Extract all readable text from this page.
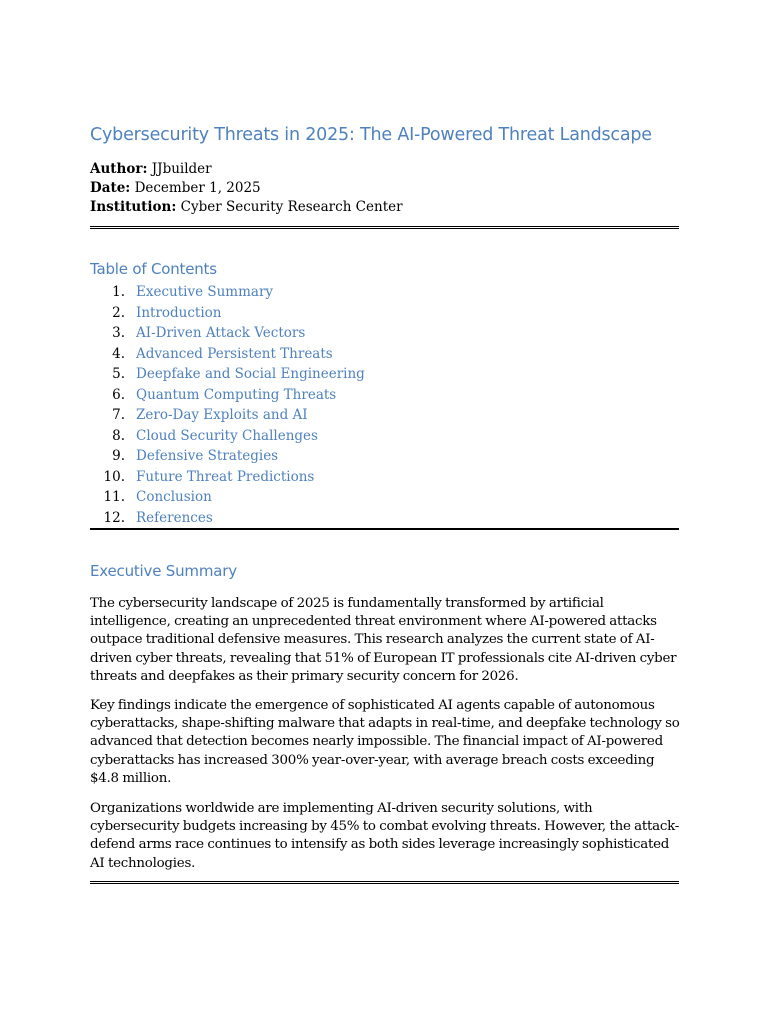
Cybersecurity Threats in 2025: The AI-Powered Threat Landscape
Author: JJbuilder
Date: December 1, 2025
Institution: Cyber Security Research Center
Table of Contents
1. Executive Summary
2. Introduction
3. AI-Driven Attack Vectors
4. Advanced Persistent Threats
5. Deepfake and Social Engineering
6. Quantum Computing Threats
7. Zero-Day Exploits and AI
8. Cloud Security Challenges
9. Defensive Strategies
10. Future Threat Predictions
11. Conclusion
12. References
Executive Summary

The cybersecurity landscape of 2025 is fundamentally transformed by artificial intelligence, creating an unprecedented threat environment where AI-powered attacks outpace traditional defensive measures. This research analyzes the current state of AI-driven cyber threats, revealing that 51% of European IT professionals cite AI-driven cyber threats and deepfakes as their primary security concern for 2026.

Key findings indicate the emergence of sophisticated AI agents capable of autonomous cyberattacks, shape-shifting malware that adapts in real-time, and deepfake technology so advanced that detection becomes nearly impossible. The financial impact of AI-powered cyberattacks has increased 300% year-over-year, with average breach costs exceeding $4.8 million.

Organizations worldwide are implementing AI-driven security solutions, with cybersecurity budgets increasing by 45% to combat evolving threats. However, the attack-defend arms race continues to intensify as both sides leverage increasingly sophisticated AI technologies.
